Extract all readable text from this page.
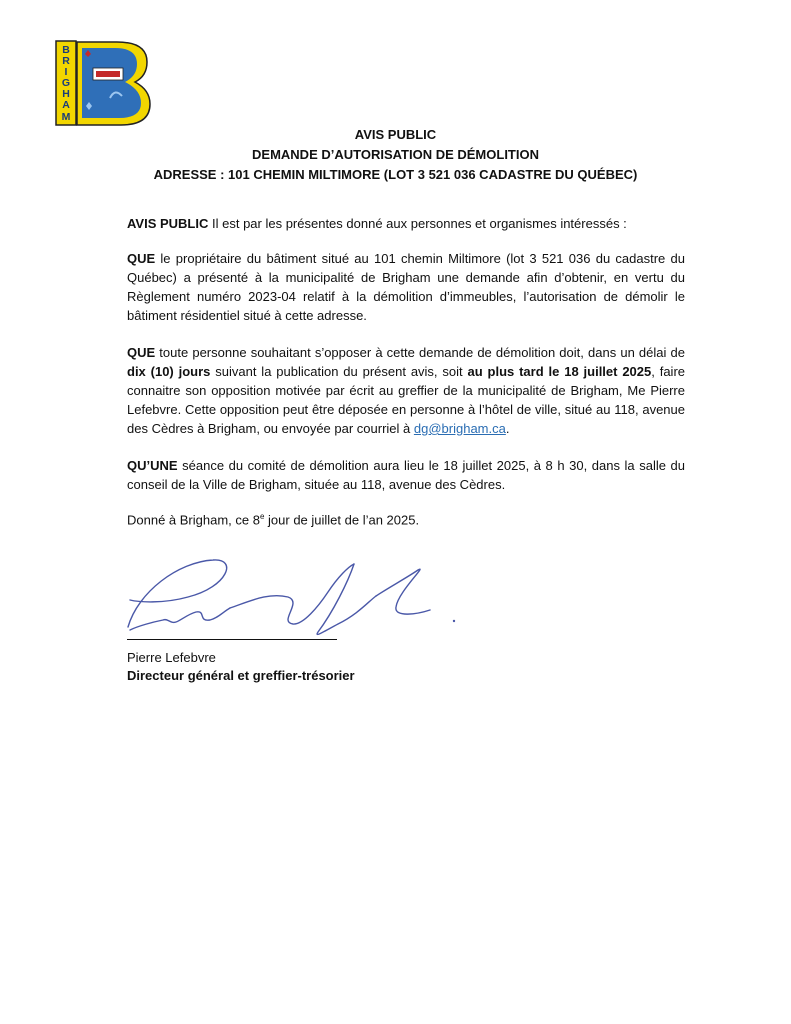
B
R
I
G
H
A
M
AVIS PUBLIC
DEMANDE D’AUTORISATION DE DÉMOLITION
ADRESSE : 101 CHEMIN MILTIMORE (LOT 3 521 036 CADASTRE DU QUÉBEC)

AVIS PUBLIC Il est par les présentes donné aux personnes et organismes intéressés :

QUE le propriétaire du bâtiment situé au 101 chemin Miltimore (lot 3 521 036 du cadastre du Québec) a présenté à la municipalité de Brigham une demande afin d’obtenir, en vertu du Règlement numéro 2023-04 relatif à la démolition d’immeubles, l’autorisation de démolir le bâtiment résidentiel situé à cette adresse.

QUE toute personne souhaitant s’opposer à cette demande de démolition doit, dans un délai de dix (10) jours suivant la publication du présent avis, soit au plus tard le 18 juillet 2025, faire connaitre son opposition motivée par écrit au greffier de la municipalité de Brigham, Me Pierre Lefebvre. Cette opposition peut être déposée en personne à l’hôtel de ville, situé au 118, avenue des Cèdres à Brigham, ou envoyée par courriel à dg@brigham.ca.

QU’UNE séance du comité de démolition aura lieu le 18 juillet 2025, à 8 h 30, dans la salle du conseil de la Ville de Brigham, située au 118, avenue des Cèdres.

Donné à Brigham, ce 8e jour de juillet de l’an 2025.
Pierre Lefebvre
Directeur général et greffier-trésorier
